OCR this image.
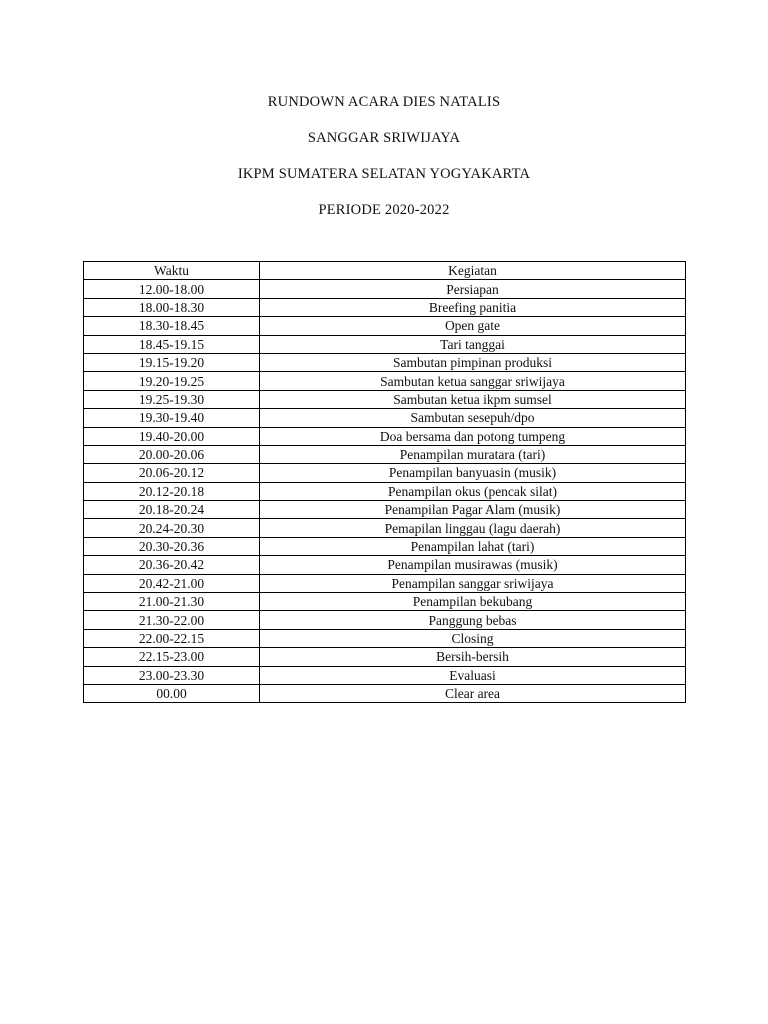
RUNDOWN ACARA DIES NATALIS
SANGGAR SRIWIJAYA
IKPM SUMATERA SELATAN YOGYAKARTA
PERIODE 2020-2022
Waktu	Kegiatan
12.00-18.00	Persiapan
18.00-18.30	Breefing panitia
18.30-18.45	Open gate
18.45-19.15	Tari tanggai
19.15-19.20	Sambutan pimpinan produksi
19.20-19.25	Sambutan ketua sanggar sriwijaya
19.25-19.30	Sambutan ketua ikpm sumsel
19.30-19.40	Sambutan sesepuh/dpo
19.40-20.00	Doa bersama dan potong tumpeng
20.00-20.06	Penampilan muratara (tari)
20.06-20.12	Penampilan banyuasin (musik)
20.12-20.18	Penampilan okus (pencak silat)
20.18-20.24	Penampilan Pagar Alam (musik)
20.24-20.30	Pemapilan linggau (lagu daerah)
20.30-20.36	Penampilan lahat (tari)
20.36-20.42	Penampilan musirawas (musik)
20.42-21.00	Penampilan sanggar sriwijaya
21.00-21.30	Penampilan bekubang
21.30-22.00	Panggung bebas
22.00-22.15	Closing
22.15-23.00	Bersih-bersih
23.00-23.30	Evaluasi
00.00	Clear area
